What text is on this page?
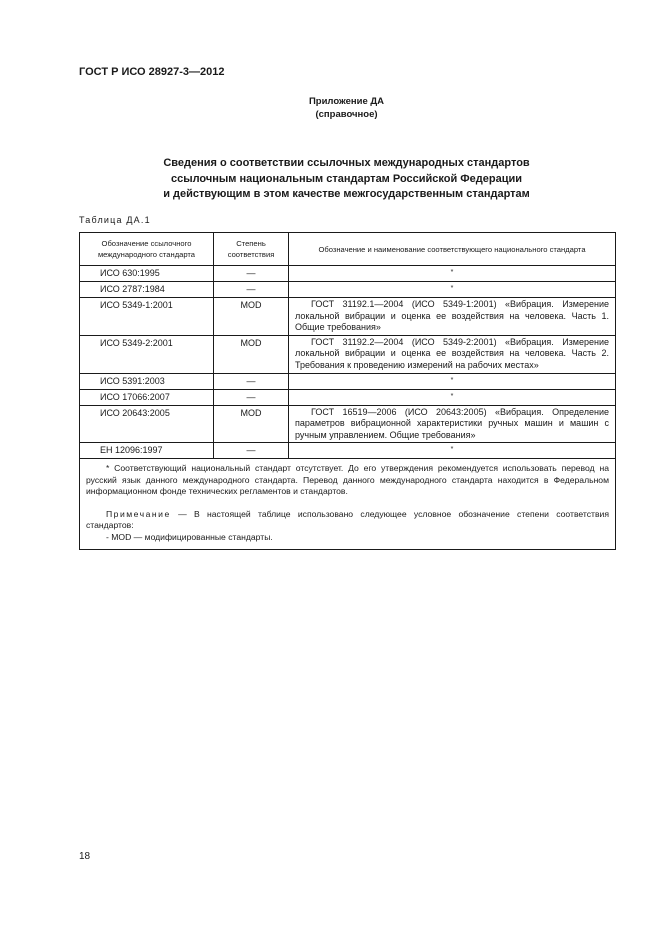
ГОСТ Р ИСО 28927-3—2012
Приложение ДА
(справочное)
Сведения о соответствии ссылочных международных стандартов
ссылочным национальным стандартам Российской Федерации
и действующим в этом качестве межгосударственным стандартам
Таблица ДА.1
Обозначение ссылочного международного стандарта	Степень соответствия	Обозначение и наименование соответствующего национального стандарта
ИСО 630:1995	—	*
ИСО 2787:1984	—	*
ИСО 5349-1:2001	MOD	ГОСТ 31192.1—2004 (ИСО 5349-1:2001) «Вибрация. Измерение локальной вибрации и оценка ее воздействия на человека. Часть 1. Общие требования»
ИСО 5349-2:2001	MOD	ГОСТ 31192.2—2004 (ИСО 5349-2:2001) «Вибрация. Измерение локальной вибрации и оценка ее воздействия на человека. Часть 2. Требования к проведению измерений на рабочих местах»
ИСО 5391:2003	—	*
ИСО 17066:2007	—	*
ИСО 20643:2005	MOD	ГОСТ 16519—2006 (ИСО 20643:2005) «Вибрация. Определение параметров вибрационной характеристики ручных машин и машин с ручным управлением. Общие требования»
ЕН 12096:1997	—	*

* Соответствующий национальный стандарт отсутствует. До его утверждения рекомендуется использовать перевод на русский язык данного международного стандарта. Перевод данного международного стандарта находится в Федеральном информационном фонде технических регламентов и стандартов.

Примечание — В настоящей таблице использовано следующее условное обозначение степени соответствия стандартов:

- MOD — модифицированные стандарты.		

18
